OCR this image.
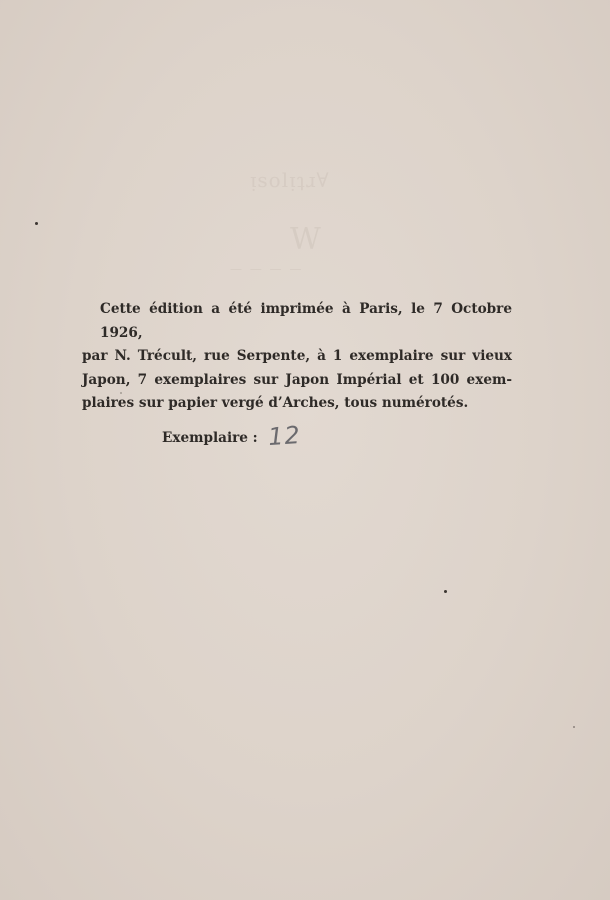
ᴉsolᴉʇɹ∀
W
— — — —
Cette édition a été imprimée à Paris, le 7 Octobre 1926,
par N. Trécult, rue Serpente, à 1 exemplaire sur vieux
Japon, 7 exemplaires sur Japon Impérial et 100 exem-
plaires sur papier vergé d’Arches, tous numérotés.
Exemplaire : 12
